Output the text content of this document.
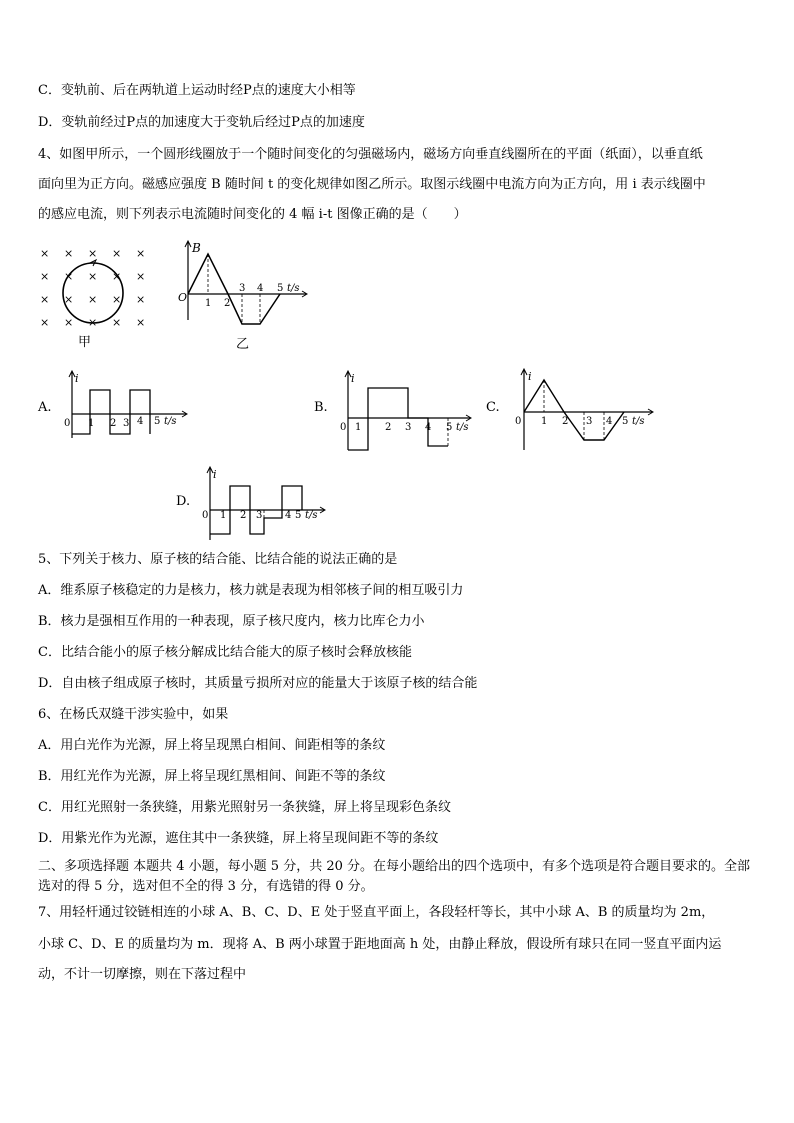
C．变轨前、后在两轨道上运动时经P点的速度大小相等
D．变轨前经过P点的加速度大于变轨后经过P点的加速度
4、如图甲所示，一个圆形线圈放于一个随时间变化的匀强磁场内，磁场方向垂直线圈所在的平面（纸面），以垂直纸
面向里为正方向。磁感应强度 B 随时间 t 的变化规律如图乙所示。取图示线圈中电流方向为正方向，用 i 表示线圈中
的感应电流，则下列表示电流随时间变化的 4 幅 i-t 图像正确的是（　　）
× × × × ×
× × × × ×
× × × × ×
× × × × ×
甲
B
O 1 2
3 4 5 t/s
乙
A.
i
0 1 2 3 4 5 t/s
B.
i
0 1 2 3 4 5 t/s
C.
i
0 1 2 3 4 5 t/s
D.
i
0 1 2 3 4 5 t/s
5、下列关于核力、原子核的结合能、比结合能的说法正确的是
A．维系原子核稳定的力是核力，核力就是表现为相邻核子间的相互吸引力
B．核力是强相互作用的一种表现，原子核尺度内，核力比库仑力小
C．比结合能小的原子核分解成比结合能大的原子核时会释放核能
D．自由核子组成原子核时，其质量亏损所对应的能量大于该原子核的结合能
6、在杨氏双缝干涉实验中，如果
A．用白光作为光源，屏上将呈现黑白相间、间距相等的条纹
B．用红光作为光源，屏上将呈现红黑相间、间距不等的条纹
C．用红光照射一条狭缝，用紫光照射另一条狭缝，屏上将呈现彩色条纹
D．用紫光作为光源，遮住其中一条狭缝，屏上将呈现间距不等的条纹
二、多项选择题 本题共 4 小题，每小题 5 分，共 20 分。在每小题给出的四个选项中，有多个选项是符合题目要求的。全部选对的得 5 分，选对但不全的得 3 分，有选错的得 0 分。
7、用轻杆通过铰链相连的小球 A、B、C、D、E 处于竖直平面上，各段轻杆等长，其中小球 A、B 的质量均为 2m，
小球 C、D、E 的质量均为 m．现将 A、B 两小球置于距地面高 h 处，由静止释放，假设所有球只在同一竖直平面内运
动，不计一切摩擦，则在下落过程中
